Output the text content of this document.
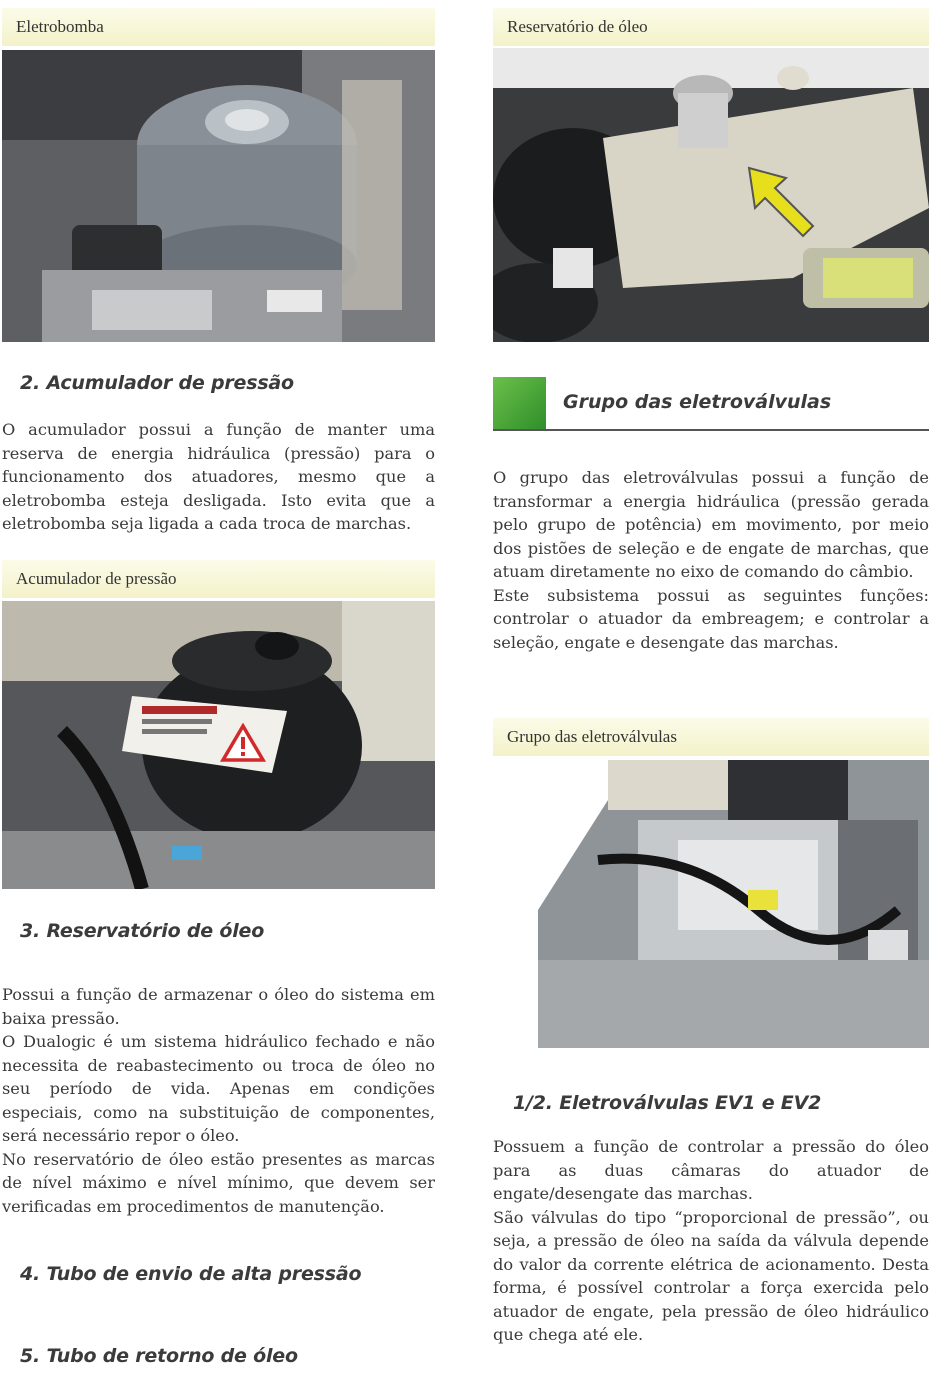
Eletrobomba
2. Acumulador de pressão

O acumulador possui a função de manter uma reserva de energia hidráulica (pressão) para o funcionamento dos atuadores, mesmo que a eletrobomba esteja desligada. Isto evita que a eletrobomba seja ligada a cada troca de marchas.

Acumulador de pressão
3. Reservatório de óleo

Possui a função de armazenar o óleo do sistema em baixa pressão.

O Dualogic é um sistema hidráulico fechado e não necessita de reabastecimento ou troca de óleo no seu período de vida. Apenas em condições especiais, como na substituição de componentes, será necessário repor o óleo.

No reservatório de óleo estão presentes as marcas de nível máximo e nível mínimo, que devem ser verificadas em procedimentos de manutenção.

4. Tubo de envio de alta pressão
5. Tubo de retorno de óleo
Reservatório de óleo
Grupo das eletroválvulas

O grupo das eletroválvulas possui a função de transformar a energia hidráulica (pressão gerada pelo grupo de potência) em movimento, por meio dos pistões de seleção e de engate de marchas, que atuam diretamente no eixo de comando do câmbio.

Este subsistema possui as seguintes funções: controlar o atuador da embreagem; e controlar a seleção, engate e desengate das marchas.

Grupo das eletroválvulas
1/2. Eletroválvulas EV1 e EV2

Possuem a função de controlar a pressão do óleo para as duas câmaras do atuador de engate/desengate das marchas.

São válvulas do tipo “proporcional de pressão”, ou seja, a pressão de óleo na saída da válvula depende do valor da corrente elétrica de acionamento. Desta forma, é possível controlar a força exercida pelo atuador de engate, pela pressão de óleo hidráulico que chega até ele.
